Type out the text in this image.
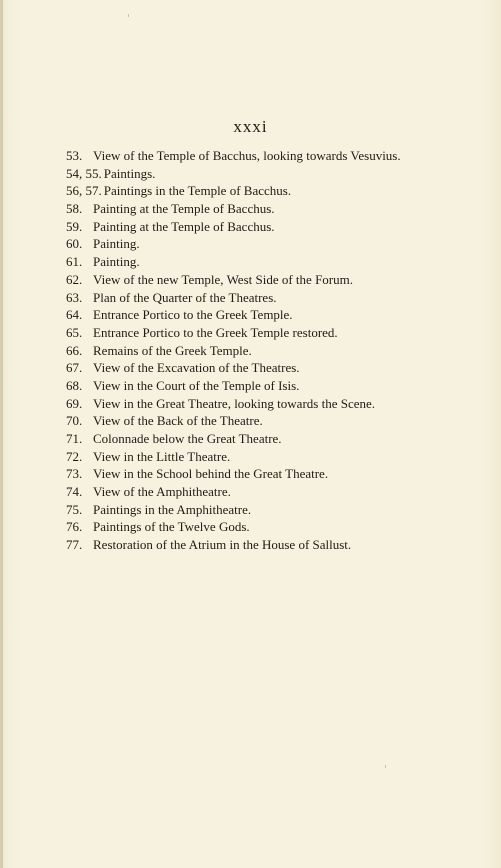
xxxi
53. View of the Temple of Bacchus, looking towards Vesuvius.
54, 55. Paintings.
56, 57. Paintings in the Temple of Bacchus.
58. Painting at the Temple of Bacchus.
59. Painting at the Temple of Bacchus.
60. Painting.
61. Painting.
62. View of the new Temple, West Side of the Forum.
63. Plan of the Quarter of the Theatres.
64. Entrance Portico to the Greek Temple.
65. Entrance Portico to the Greek Temple restored.
66. Remains of the Greek Temple.
67. View of the Excavation of the Theatres.
68. View in the Court of the Temple of Isis.
69. View in the Great Theatre, looking towards the Scene.
70. View of the Back of the Theatre.
71. Colonnade below the Great Theatre.
72. View in the Little Theatre.
73. View in the School behind the Great Theatre.
74. View of the Amphitheatre.
75. Paintings in the Amphitheatre.
76. Paintings of the Twelve Gods.
77. Restoration of the Atrium in the House of Sallust.
